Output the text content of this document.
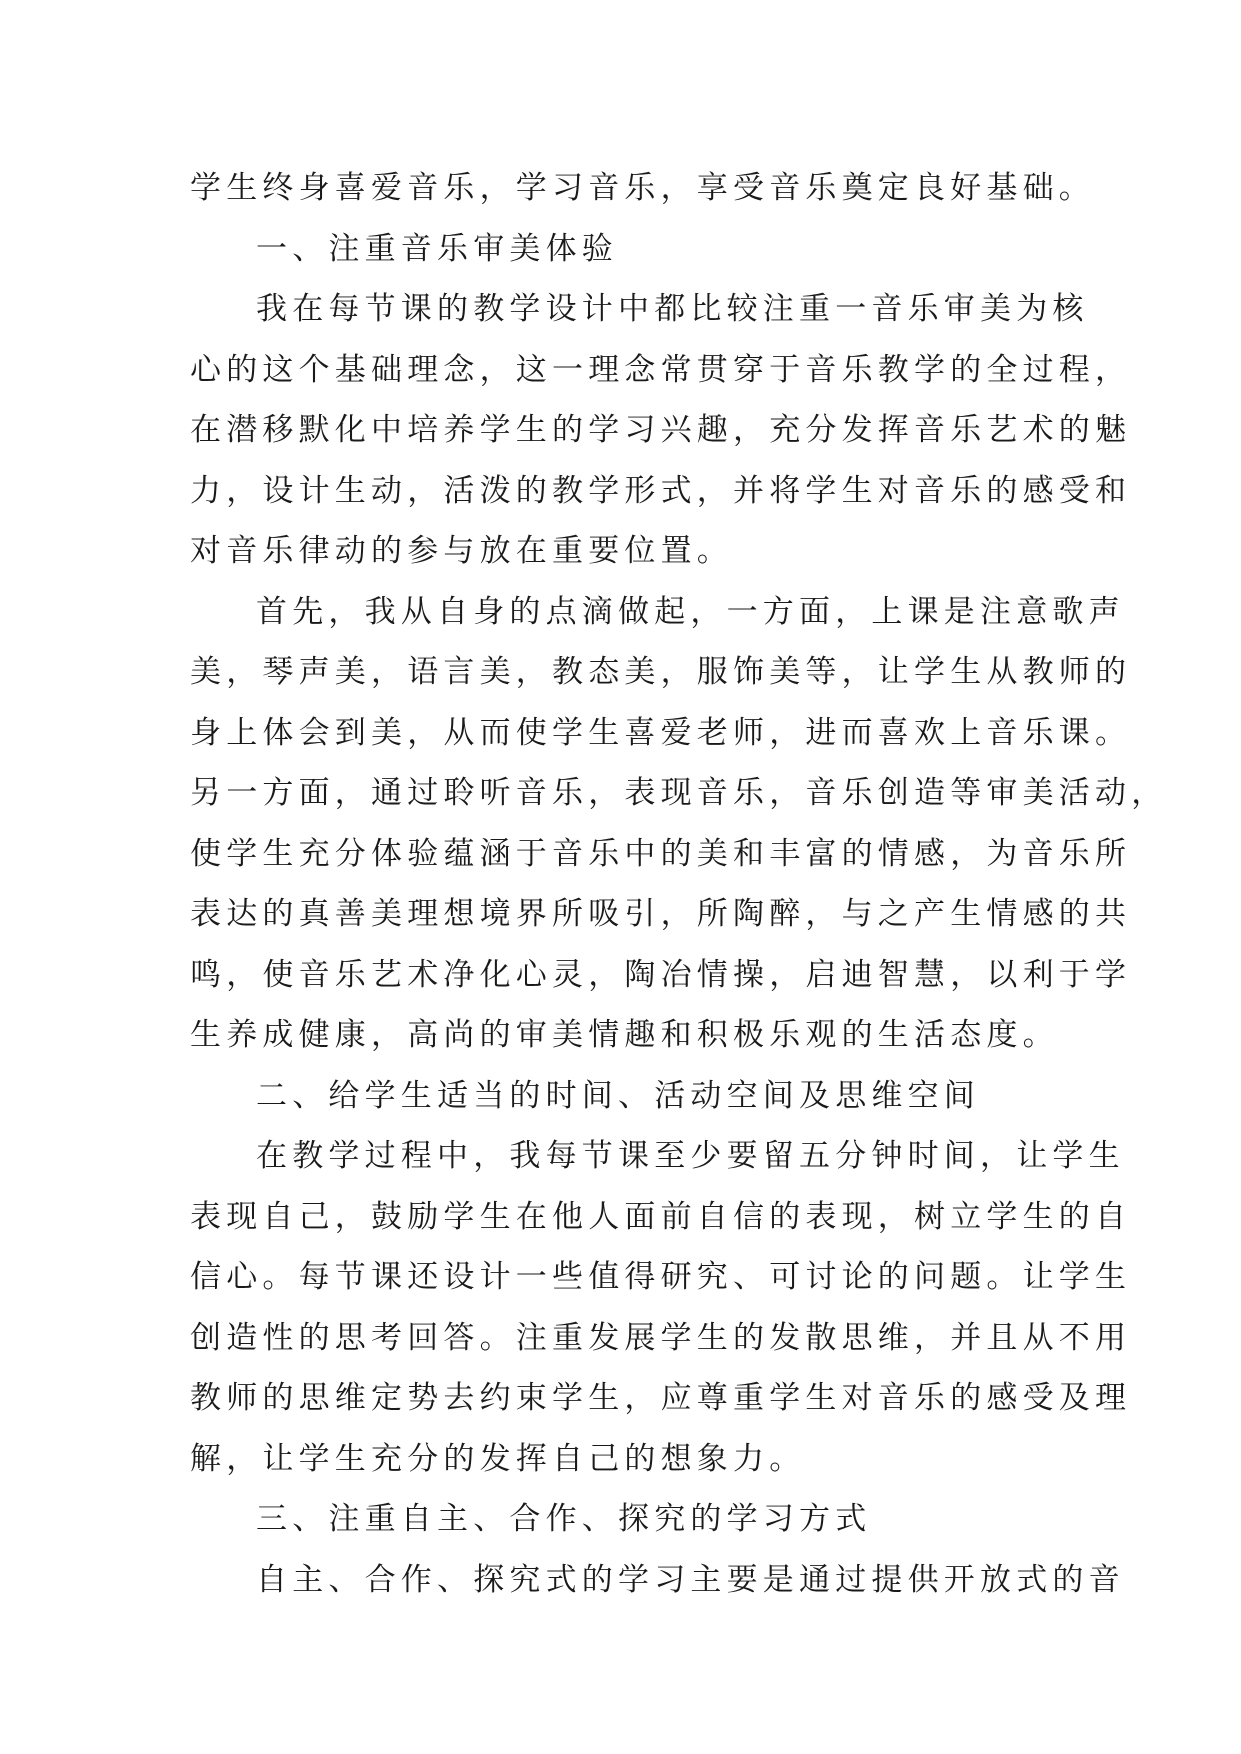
学生终身喜爱音乐，学习音乐，享受音乐奠定良好基础。
一、注重音乐审美体验
我在每节课的教学设计中都比较注重一音乐审美为核
心的这个基础理念，这一理念常贯穿于音乐教学的全过程，
在潜移默化中培养学生的学习兴趣，充分发挥音乐艺术的魅
力，设计生动，活泼的教学形式，并将学生对音乐的感受和
对音乐律动的参与放在重要位置。
首先，我从自身的点滴做起，一方面，上课是注意歌声
美，琴声美，语言美，教态美，服饰美等，让学生从教师的
身上体会到美，从而使学生喜爱老师，进而喜欢上音乐课。
另一方面，通过聆听音乐，表现音乐，音乐创造等审美活动，
使学生充分体验蕴涵于音乐中的美和丰富的情感，为音乐所
表达的真善美理想境界所吸引，所陶醉，与之产生情感的共
鸣，使音乐艺术净化心灵，陶冶情操，启迪智慧，以利于学
生养成健康，高尚的审美情趣和积极乐观的生活态度。
二、给学生适当的时间、活动空间及思维空间
在教学过程中，我每节课至少要留五分钟时间，让学生
表现自己，鼓励学生在他人面前自信的表现，树立学生的自
信心。每节课还设计一些值得研究、可讨论的问题。让学生
创造性的思考回答。注重发展学生的发散思维，并且从不用
教师的思维定势去约束学生，应尊重学生对音乐的感受及理
解，让学生充分的发挥自己的想象力。
三、注重自主、合作、探究的学习方式
自主、合作、探究式的学习主要是通过提供开放式的音
